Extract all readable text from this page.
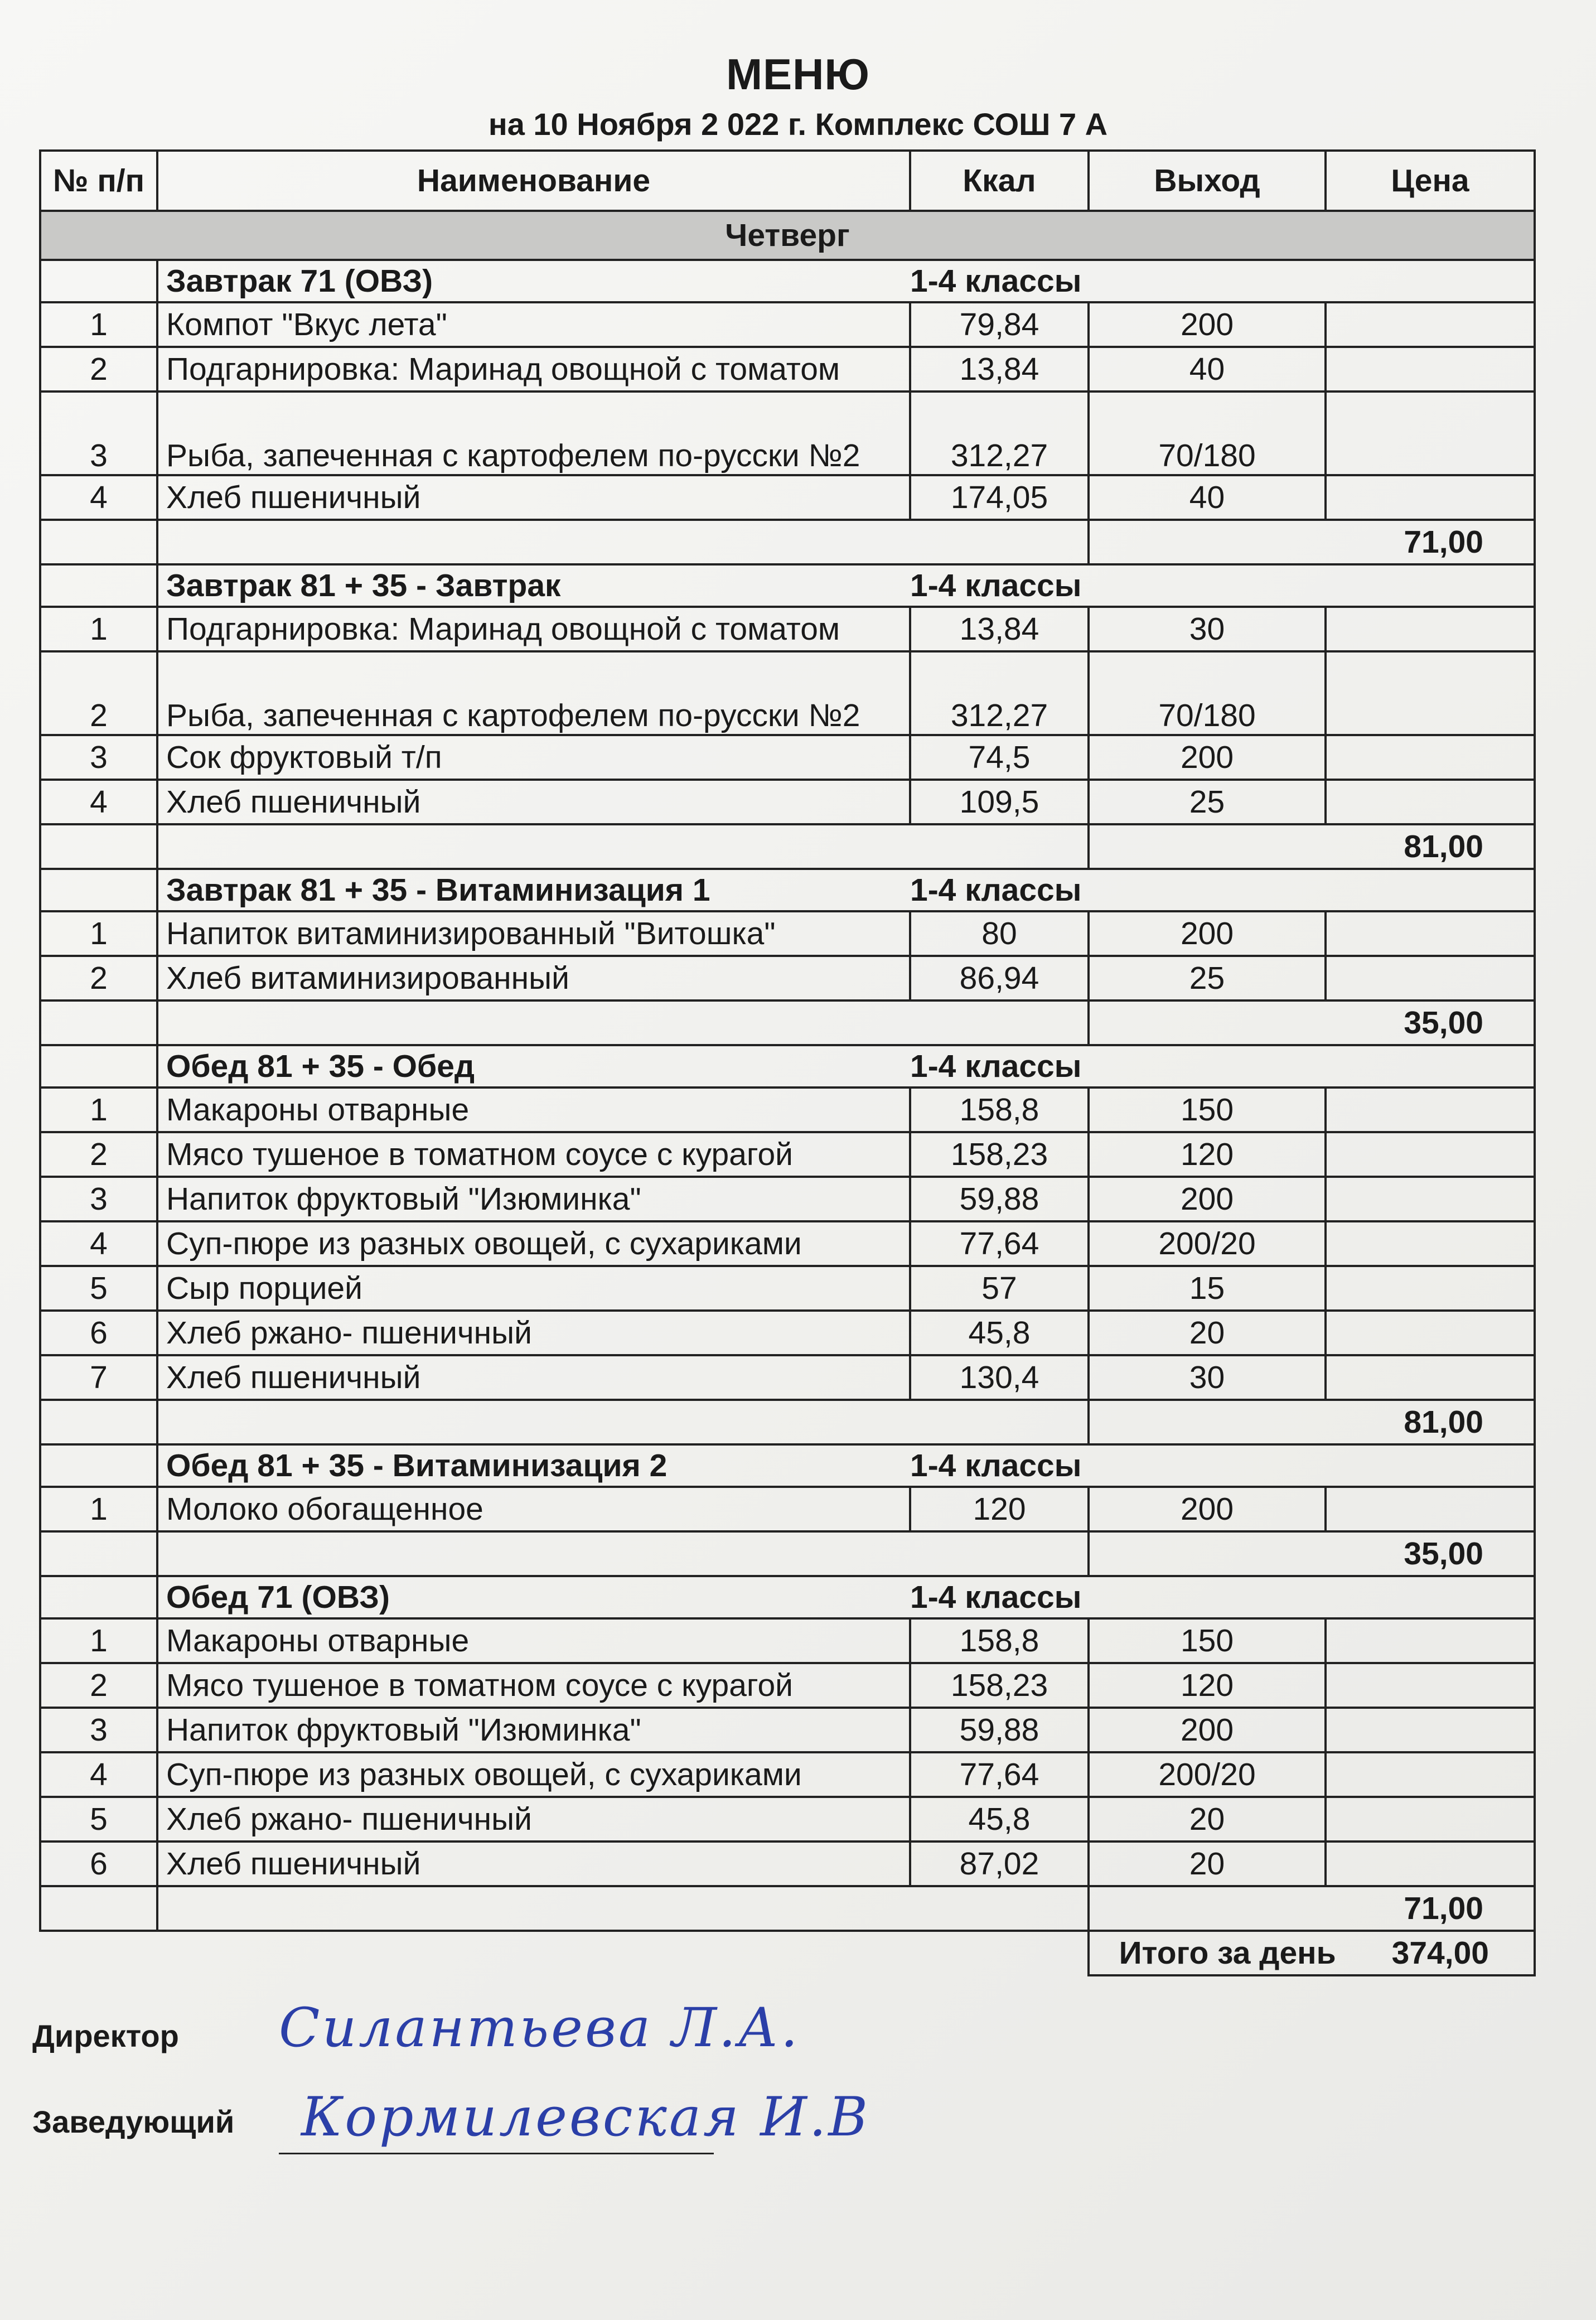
МЕНЮ
на 10 Ноября 2 022 г. Комплекс СОШ 7 А
№ п/п	Наименование	Ккал	Выход	Цена
Четверг				
	Завтрак 71 (ОВЗ)	1-4 классы		
1	Компот "Вкус лета"	79,84	200	
2	Подгарнировка: Маринад овощной с томатом	13,84	40	
3	Рыба, запеченная с картофелем по-русски №2	312,27	70/180	
4	Хлеб пшеничный	174,05	40	
			71,00	
	Завтрак 81 + 35 - Завтрак	1-4 классы		
1	Подгарнировка: Маринад овощной с томатом	13,84	30	
2	Рыба, запеченная с картофелем по-русски №2	312,27	70/180	
3	Сок фруктовый т/п	74,5	200	
4	Хлеб пшеничный	109,5	25	
			81,00	
	Завтрак 81 + 35 - Витаминизация 1	1-4 классы		
1	Напиток витаминизированный "Витошка"	80	200	
2	Хлеб витаминизированный	86,94	25	
			35,00	
	Обед 81 + 35 - Обед	1-4 классы		
1	Макароны отварные	158,8	150	
2	Мясо тушеное в томатном соусе с курагой	158,23	120	
3	Напиток фруктовый "Изюминка"	59,88	200	
4	Суп-пюре из разных овощей, с сухариками	77,64	200/20	
5	Сыр порцией	57	15	
6	Хлеб ржано- пшеничный	45,8	20	
7	Хлеб пшеничный	130,4	30	
			81,00	
	Обед 81 + 35 - Витаминизация 2	1-4 классы		
1	Молоко обогащенное	120	200	
			35,00	
	Обед 71 (ОВЗ)	1-4 классы		
1	Макароны отварные	158,8	150	
2	Мясо тушеное в томатном соусе с курагой	158,23	120	
3	Напиток фруктовый "Изюминка"	59,88	200	
4	Суп-пюре из разных овощей, с сухариками	77,64	200/20	
5	Хлеб ржано- пшеничный	45,8	20	
6	Хлеб пшеничный	87,02	20	
			71,00	
			Итого за день 374,00	
Директор Силантьева Л.А.
Заведующий Кормилевская И.В
